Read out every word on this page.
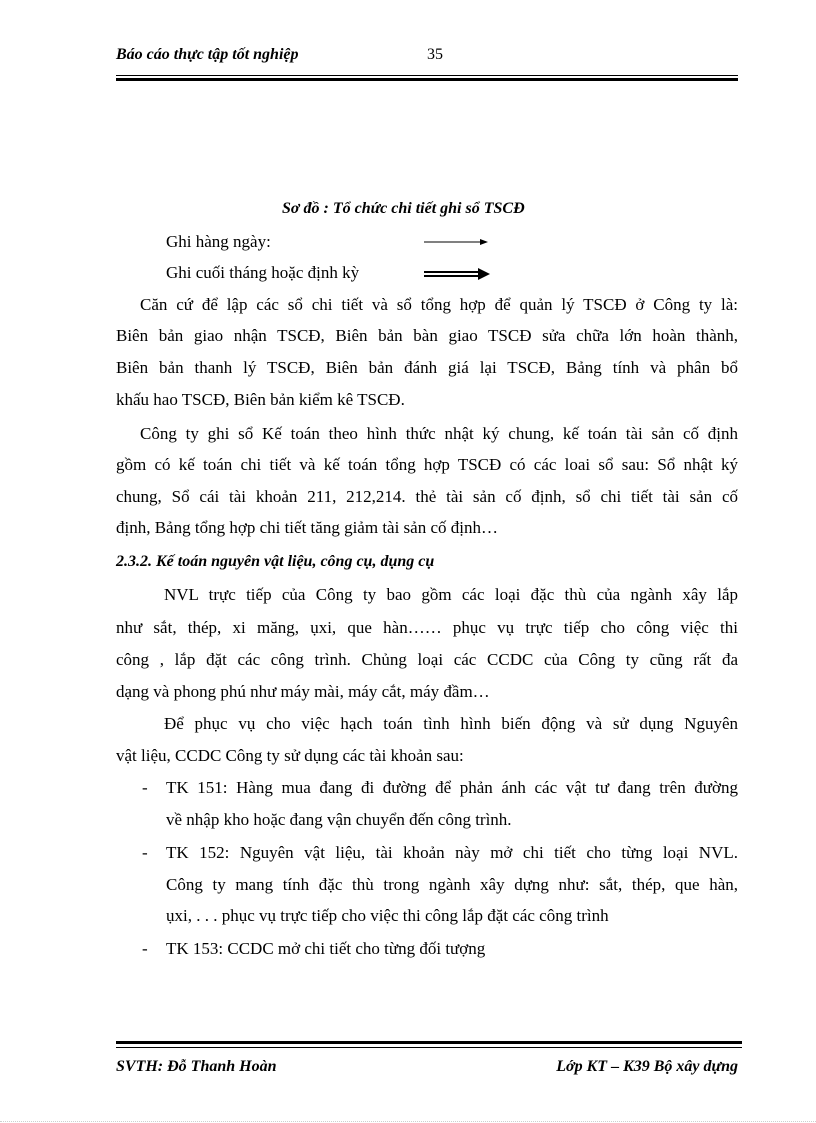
Báo cáo thực tập tốt nghiệp	35
Sơ đồ : Tổ chức chi tiết ghi sổ TSCĐ
Ghi hàng ngày:
Ghi cuối tháng hoặc định kỳ
Căn cứ để lập các sổ chi tiết và sổ tổng hợp để quản lý TSCĐ ở Công ty là:
Biên bản giao nhận TSCĐ, Biên bản bàn giao TSCĐ sửa chữa lớn hoàn thành,
Biên bản thanh lý TSCĐ, Biên bản đánh giá lại TSCĐ, Bảng tính và phân bổ
khấu hao TSCĐ, Biên bản kiểm kê TSCĐ.
Công ty ghi sổ Kế toán theo hình thức nhật ký chung, kế toán tài sản cố định
gồm có kế toán chi tiết và kế toán tổng hợp TSCĐ có các loai sổ sau: Sổ nhật ký
chung, Sổ cái tài khoản 211, 212,214. thẻ tài sản cố định, sổ chi tiết tài sản cố
định, Bảng tổng hợp chi tiết tăng giảm tài sản cố định…
2.3.2. Kế toán nguyên vật liệu, công cụ, dụng cụ
NVL trực tiếp của Công ty bao gồm các loại đặc thù của ngành xây lắp
như sắt, thép, xi măng, ụxi, que hàn…… phục vụ trực tiếp cho công việc thi
công , lắp đặt các công trình. Chủng loại các CCDC của Công ty cũng rất đa
dạng và phong phú như máy mài, máy cắt, máy đầm…
Để phục vụ cho việc hạch toán tình hình biến động và sử dụng Nguyên
vật liệu, CCDC Công ty sử dụng các tài khoản sau:
- TK 151: Hàng mua đang đi đường để phản ánh các vật tư đang trên đường
về nhập kho hoặc đang vận chuyển đến công trình.
- TK 152: Nguyên vật liệu, tài khoản này mở chi tiết cho từng loại NVL.
Công ty mang tính đặc thù trong ngành xây dựng như: sắt, thép, que hàn,
ụxi, . . . phục vụ trực tiếp cho việc thi công lắp đặt các công trình
- TK 153: CCDC mở chi tiết cho từng đối tượng
SVTH: Đỗ Thanh Hoàn	Lớp KT – K39 Bộ xây dựng
